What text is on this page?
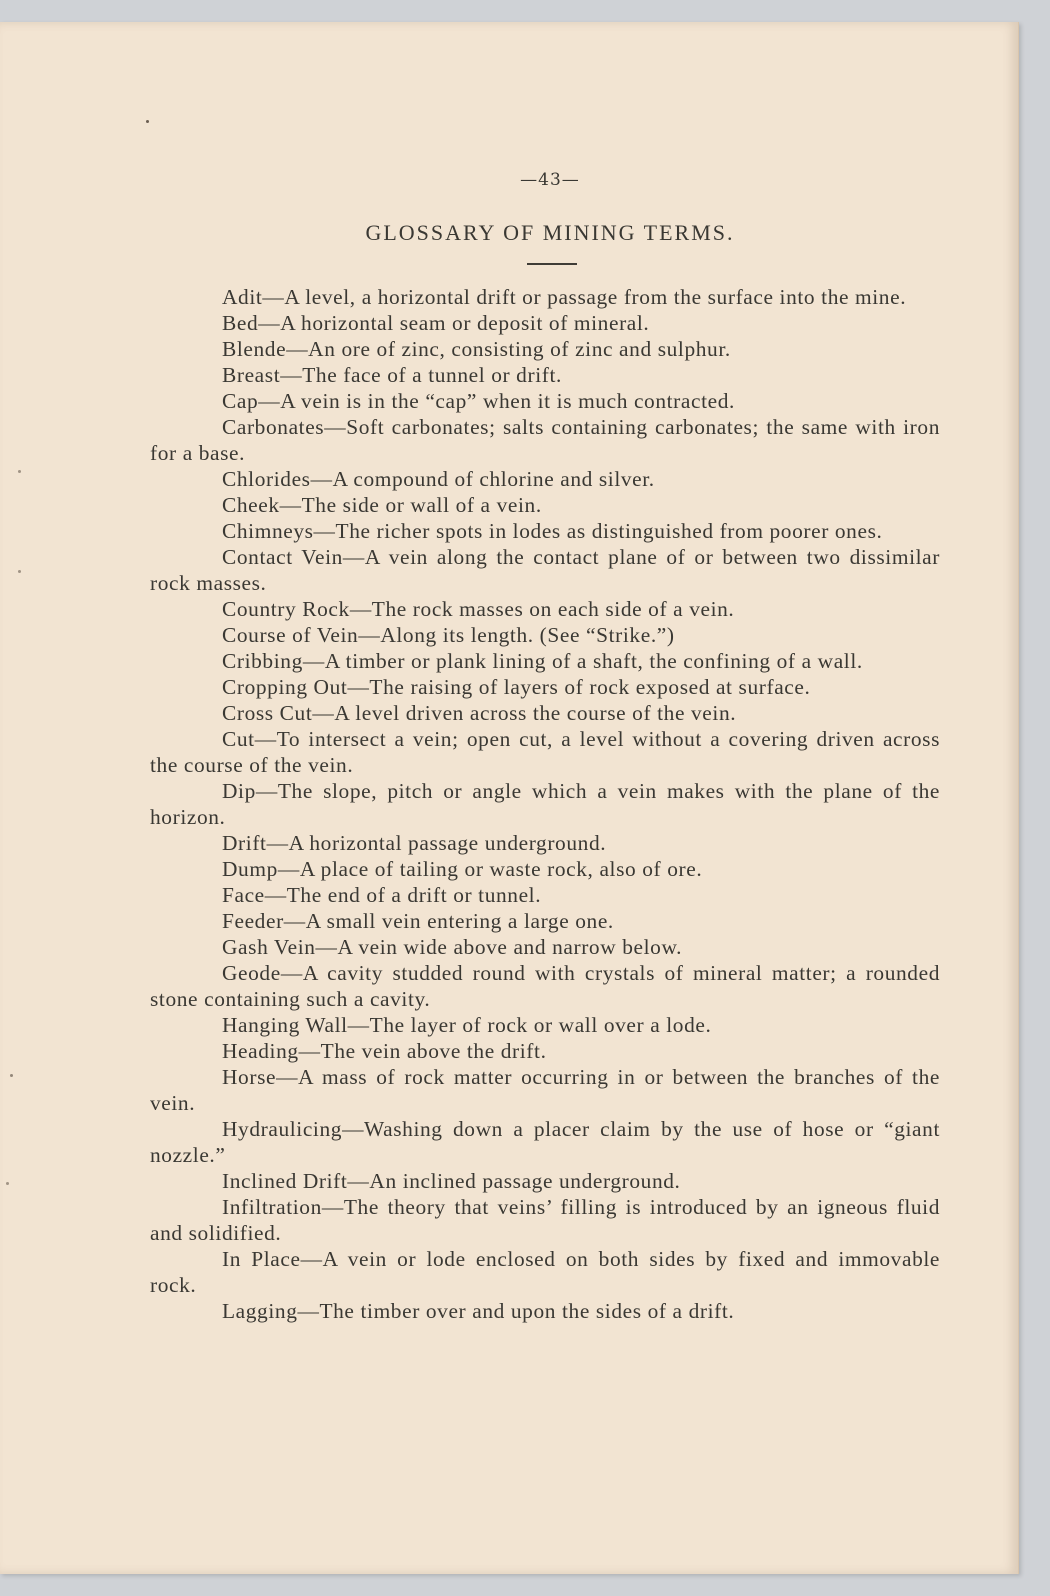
—43—
GLOSSARY OF MINING TERMS.

Adit—A level, a horizontal drift or passage from the surface into the mine.

Bed—A horizontal seam or deposit of mineral.

Blende—An ore of zinc, consisting of zinc and sulphur.

Breast—The face of a tunnel or drift.

Cap—A vein is in the “cap” when it is much contracted.

Carbonates—Soft carbonates; salts containing carbonates; the same with iron for a base.

Chlorides—A compound of chlorine and silver.

Cheek—The side or wall of a vein.

Chimneys—The richer spots in lodes as distinguished from poorer ones.

Contact Vein—A vein along the contact plane of or between two dissimilar rock masses.

Country Rock—The rock masses on each side of a vein.

Course of Vein—Along its length. (See “Strike.”)

Cribbing—A timber or plank lining of a shaft, the confining of a wall.

Cropping Out—The raising of layers of rock exposed at surface.

Cross Cut—A level driven across the course of the vein.

Cut—To intersect a vein; open cut, a level without a covering driven across the course of the vein.

Dip—The slope, pitch or angle which a vein makes with the plane of the horizon.

Drift—A horizontal passage underground.

Dump—A place of tailing or waste rock, also of ore.

Face—The end of a drift or tunnel.

Feeder—A small vein entering a large one.

Gash Vein—A vein wide above and narrow below.

Geode—A cavity studded round with crystals of mineral matter; a rounded stone containing such a cavity.

Hanging Wall—The layer of rock or wall over a lode.

Heading—The vein above the drift.

Horse—A mass of rock matter occurring in or between the branches of the vein.

Hydraulicing—Washing down a placer claim by the use of hose or “giant nozzle.”

Inclined Drift—An inclined passage underground.

Infiltration—The theory that veins’ filling is introduced by an igneous fluid and solidified.

In Place—A vein or lode enclosed on both sides by fixed and immovable rock.

Lagging—The timber over and upon the sides of a drift.
